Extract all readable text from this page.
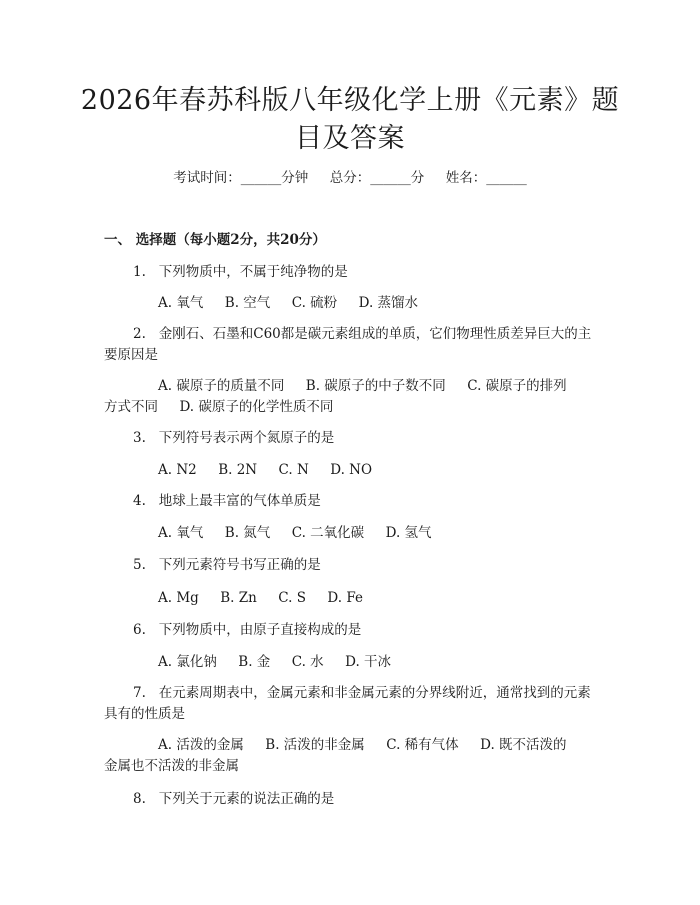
2026年春苏科版八年级化学上册《元素》题
目及答案
考试时间：______分钟     总分：______分     姓名：______
一、 选择题（每小题2分，共20分）
1.   下列物质中，不属于纯净物的是
A. 氧气     B. 空气     C. 硫粉     D. 蒸馏水
2.   金刚石、石墨和C60都是碳元素组成的单质，它们物理性质差异巨大的主
要原因是
A. 碳原子的质量不同     B. 碳原子的中子数不同     C. 碳原子的排列
方式不同     D. 碳原子的化学性质不同
3.   下列符号表示两个氮原子的是
A. N2     B. 2N     C. N     D. NO
4.   地球上最丰富的气体单质是
A. 氧气     B. 氮气     C. 二氧化碳     D. 氢气
5.   下列元素符号书写正确的是
A. Mg     B. Zn     C. S     D. Fe
6.   下列物质中，由原子直接构成的是
A. 氯化钠     B. 金     C. 水     D. 干冰
7.   在元素周期表中，金属元素和非金属元素的分界线附近，通常找到的元素
具有的性质是
A. 活泼的金属     B. 活泼的非金属     C. 稀有气体     D. 既不活泼的
金属也不活泼的非金属
8.   下列关于元素的说法正确的是
